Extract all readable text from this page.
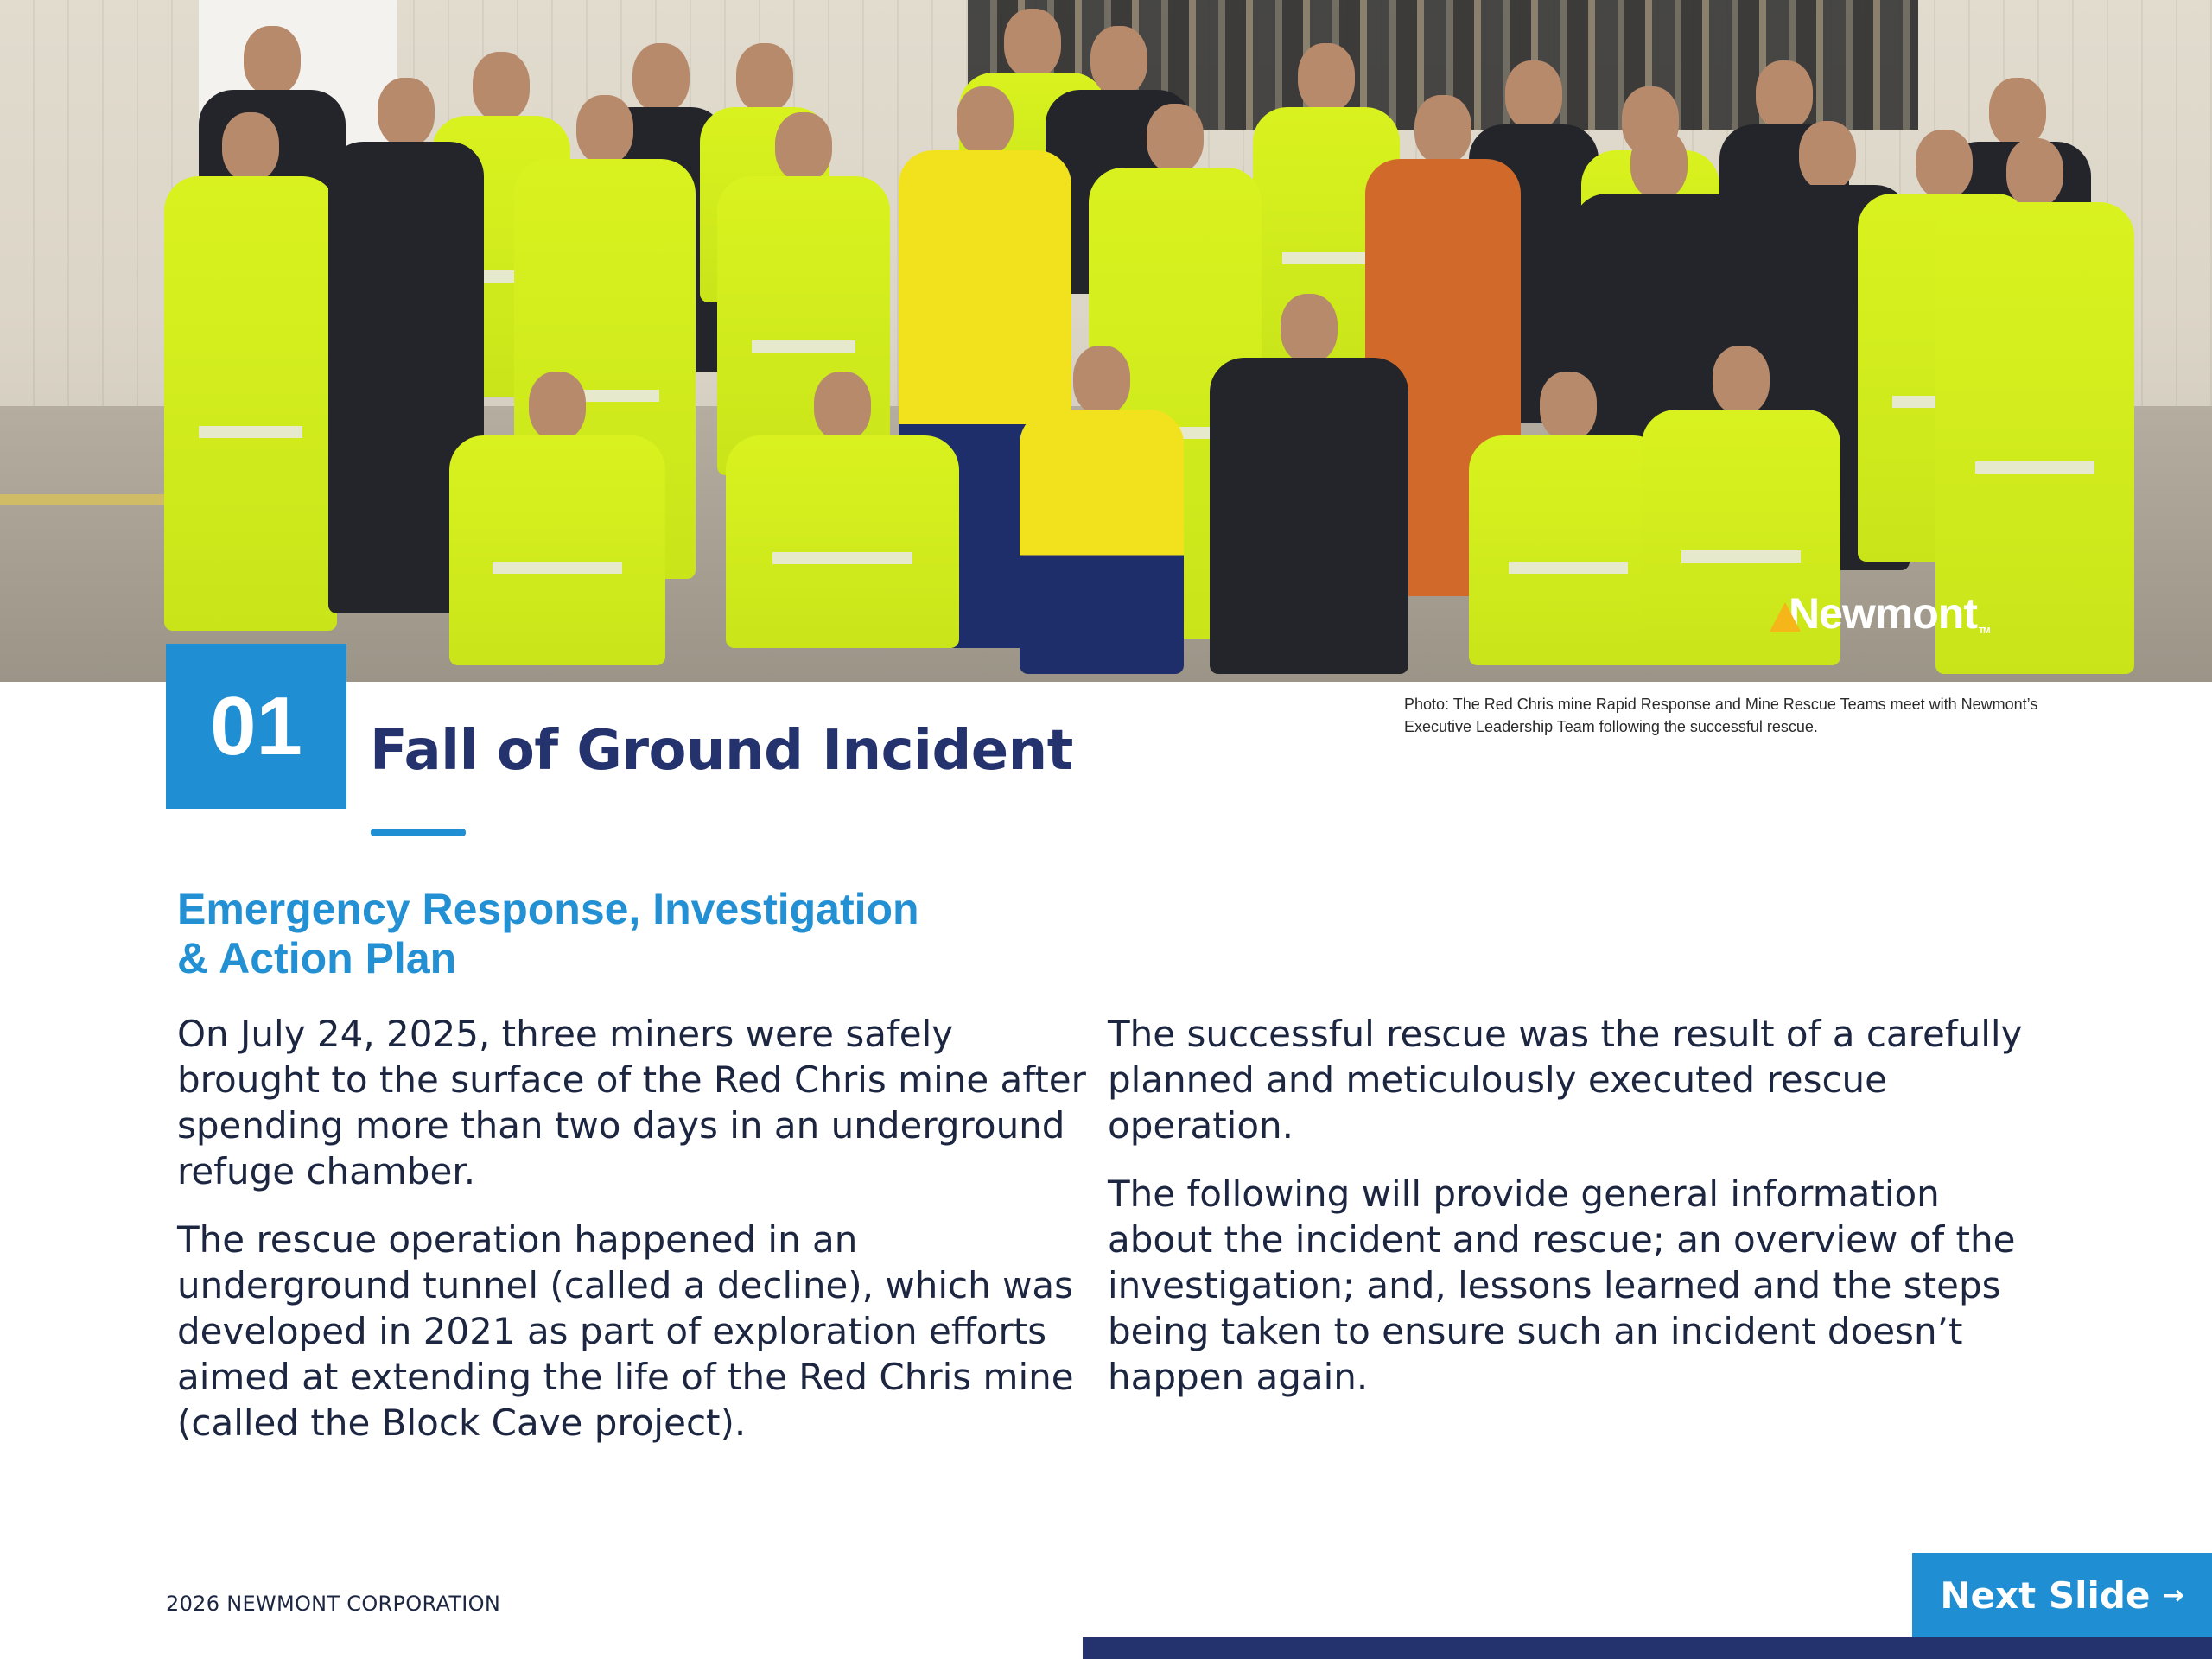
Newmont TM
Photo: The Red Chris mine Rapid Response and Mine Rescue Teams meet with Newmont’s Executive Leadership Team following the successful rescue.
01	Fall of Ground Incident
Emergency Response, Investigation
& Action Plan

On July 24, 2025, three miners were safely brought to the surface of the Red Chris mine after spending more than two days in an underground refuge chamber.

The rescue operation happened in an underground tunnel (called a decline), which was developed in 2021 as part of exploration efforts aimed at extending the life of the Red Chris mine (called the Block Cave project).

The successful rescue was the result of a carefully planned and meticulously executed rescue operation.

The following will provide general information about the incident and rescue; an overview of the investigation; and, lessons learned and the steps being taken to ensure such an incident doesn’t happen again.

2026 NEWMONT CORPORATION	Next Slide →
